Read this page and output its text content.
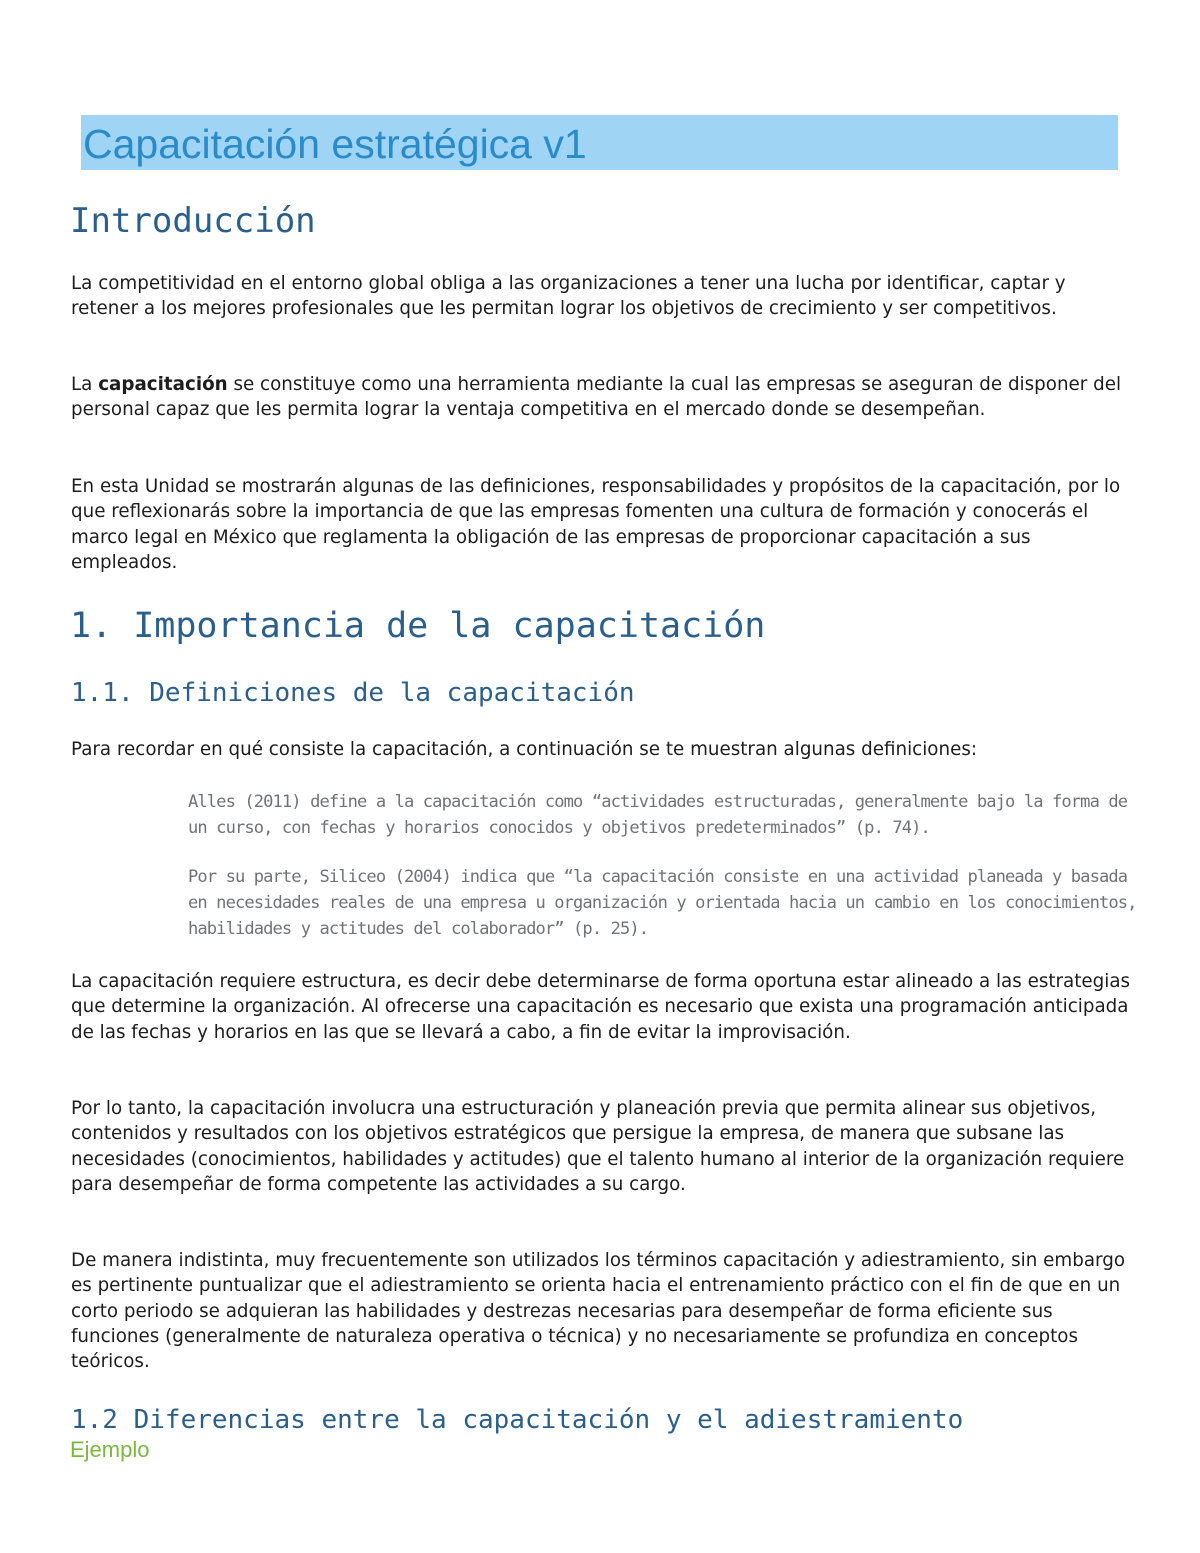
Capacitación estratégica v1
Introducción

La competitividad en el entorno global obliga a las organizaciones a tener una lucha por identificar, captar y retener a los mejores profesionales que les permitan lograr los objetivos de crecimiento y ser competitivos.

La capacitación se constituye como una herramienta mediante la cual las empresas se aseguran de disponer del personal capaz que les permita lograr la ventaja competitiva en el mercado donde se desempeñan.

En esta Unidad se mostrarán algunas de las definiciones, responsabilidades y propósitos de la capacitación, por lo que reflexionarás sobre la importancia de que las empresas fomenten una cultura de formación y conocerás el marco legal en México que reglamenta la obligación de las empresas de proporcionar capacitación a sus empleados.

1. Importancia de la capacitación
1.1. Definiciones de la capacitación

Para recordar en qué consiste la capacitación, a continuación se te muestran algunas definiciones:

Alles (2011) define a la capacitación como “actividades estructuradas, generalmente bajo la forma de un curso, con fechas y horarios conocidos y objetivos predeterminados” (p. 74).

Por su parte, Siliceo (2004) indica que “la capacitación consiste en una actividad planeada y basada en necesidades reales de una empresa u organización y orientada hacia un cambio en los conocimientos, habilidades y actitudes del colaborador” (p. 25).

La capacitación requiere estructura, es decir debe determinarse de forma oportuna estar alineado a las estrategias que determine la organización. Al ofrecerse una capacitación es necesario que exista una programación anticipada de las fechas y horarios en las que se llevará a cabo, a fin de evitar la improvisación.

Por lo tanto, la capacitación involucra una estructuración y planeación previa que permita alinear sus objetivos, contenidos y resultados con los objetivos estratégicos que persigue la empresa, de manera que subsane las necesidades (conocimientos, habilidades y actitudes) que el talento humano al interior de la organización requiere para desempeñar de forma competente las actividades a su cargo.

De manera indistinta, muy frecuentemente son utilizados los términos capacitación y adiestramiento, sin embargo es pertinente puntualizar que el adiestramiento se orienta hacia el entrenamiento práctico con el fin de que en un corto periodo se adquieran las habilidades y destrezas necesarias para desempeñar de forma eficiente sus funciones (generalmente de naturaleza operativa o técnica) y no necesariamente se profundiza en conceptos teóricos.

1.2 Diferencias entre la capacitación y el adiestramiento
Ejemplo
